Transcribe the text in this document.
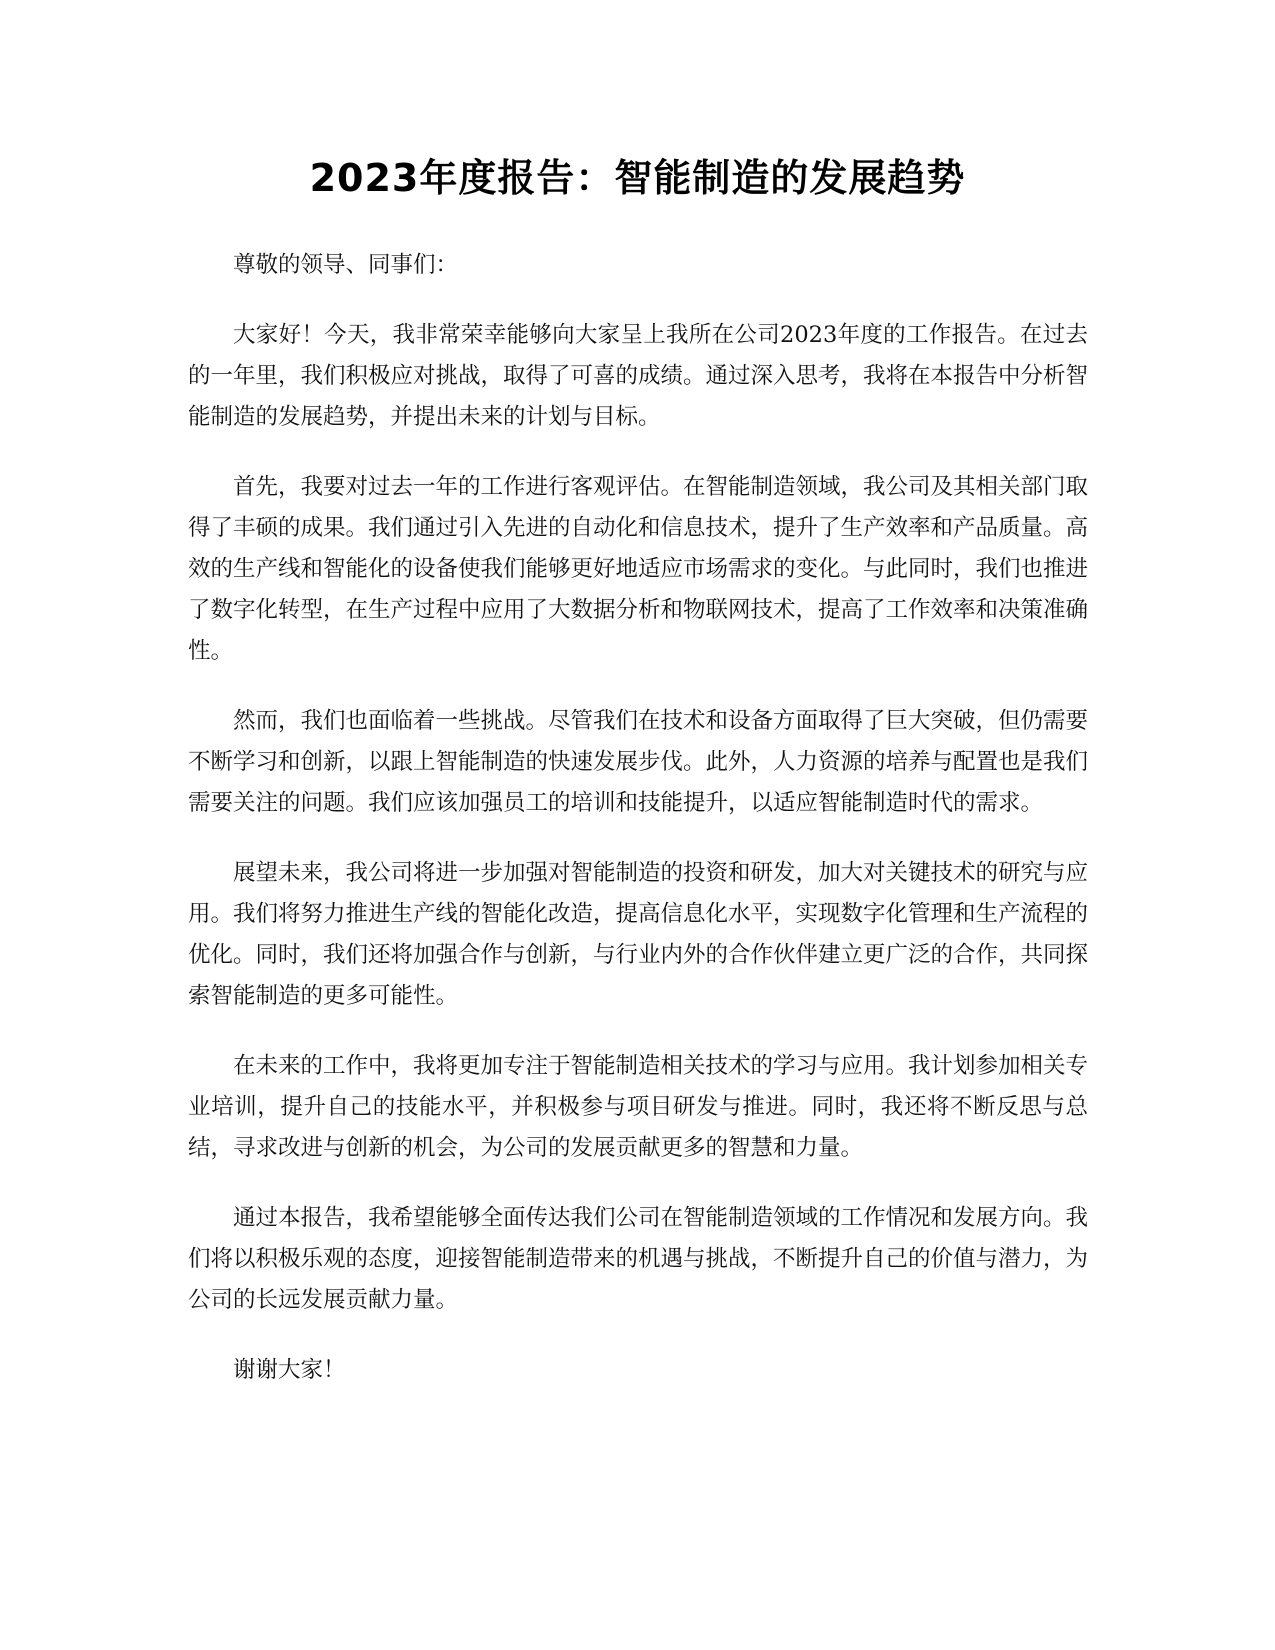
2023年度报告：智能制造的发展趋势

尊敬的领导、同事们：

大家好！今天，我非常荣幸能够向大家呈上我所在公司2023年度的工作报告。在过去的一年里，我们积极应对挑战，取得了可喜的成绩。通过深入思考，我将在本报告中分析智能制造的发展趋势，并提出未来的计划与目标。

首先，我要对过去一年的工作进行客观评估。在智能制造领域，我公司及其相关部门取得了丰硕的成果。我们通过引入先进的自动化和信息技术，提升了生产效率和产品质量。高效的生产线和智能化的设备使我们能够更好地适应市场需求的变化。与此同时，我们也推进了数字化转型，在生产过程中应用了大数据分析和物联网技术，提高了工作效率和决策准确性。

然而，我们也面临着一些挑战。尽管我们在技术和设备方面取得了巨大突破，但仍需要不断学习和创新，以跟上智能制造的快速发展步伐。此外，人力资源的培养与配置也是我们需要关注的问题。我们应该加强员工的培训和技能提升，以适应智能制造时代的需求。

展望未来，我公司将进一步加强对智能制造的投资和研发，加大对关键技术的研究与应用。我们将努力推进生产线的智能化改造，提高信息化水平，实现数字化管理和生产流程的优化。同时，我们还将加强合作与创新，与行业内外的合作伙伴建立更广泛的合作，共同探索智能制造的更多可能性。

在未来的工作中，我将更加专注于智能制造相关技术的学习与应用。我计划参加相关专业培训，提升自己的技能水平，并积极参与项目研发与推进。同时，我还将不断反思与总结，寻求改进与创新的机会，为公司的发展贡献更多的智慧和力量。

通过本报告，我希望能够全面传达我们公司在智能制造领域的工作情况和发展方向。我们将以积极乐观的态度，迎接智能制造带来的机遇与挑战，不断提升自己的价值与潜力，为公司的长远发展贡献力量。

谢谢大家！
